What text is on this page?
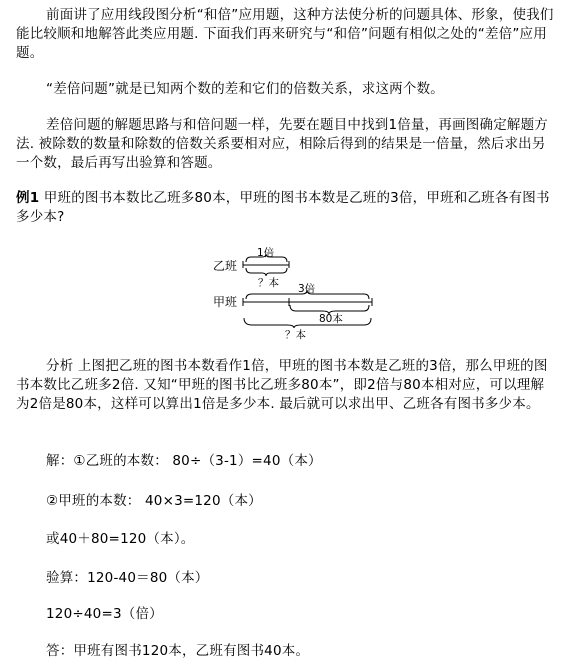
前面讲了应用线段图分析“和倍”应用题，这种方法使分析的问题具体、形象，使我们能比较顺和地解答此类应用题. 下面我们再来研究与“和倍”问题有相似之处的“差倍”应用题。

“差倍问题”就是已知两个数的差和它们的倍数关系，求这两个数。

差倍问题的解题思路与和倍问题一样，先要在题目中找到1倍量，再画图确定解题方法. 被除数的数量和除数的倍数关系要相对应，相除后得到的结果是一倍量，然后求出另一个数，最后再写出验算和答题。

例1 甲班的图书本数比乙班多80本，甲班的图书本数是乙班的3倍，甲班和乙班各有图书多少本?

乙班
1倍
？本
甲班
3倍
80本
？本

分析 上图把乙班的图书本数看作1倍，甲班的图书本数是乙班的3倍，那么甲班的图书本数比乙班多2倍. 又知“甲班的图书比乙班多80本”，即2倍与80本相对应，可以理解为2倍是80本，这样可以算出1倍是多少本. 最后就可以求出甲、乙班各有图书多少本。

解：①乙班的本数： 80÷（3-1）=40（本）

②甲班的本数： 40×3=120（本）

或40＋80=120（本）。

验算：120-40＝80（本）

120÷40=3（倍）

答：甲班有图书120本，乙班有图书40本。
